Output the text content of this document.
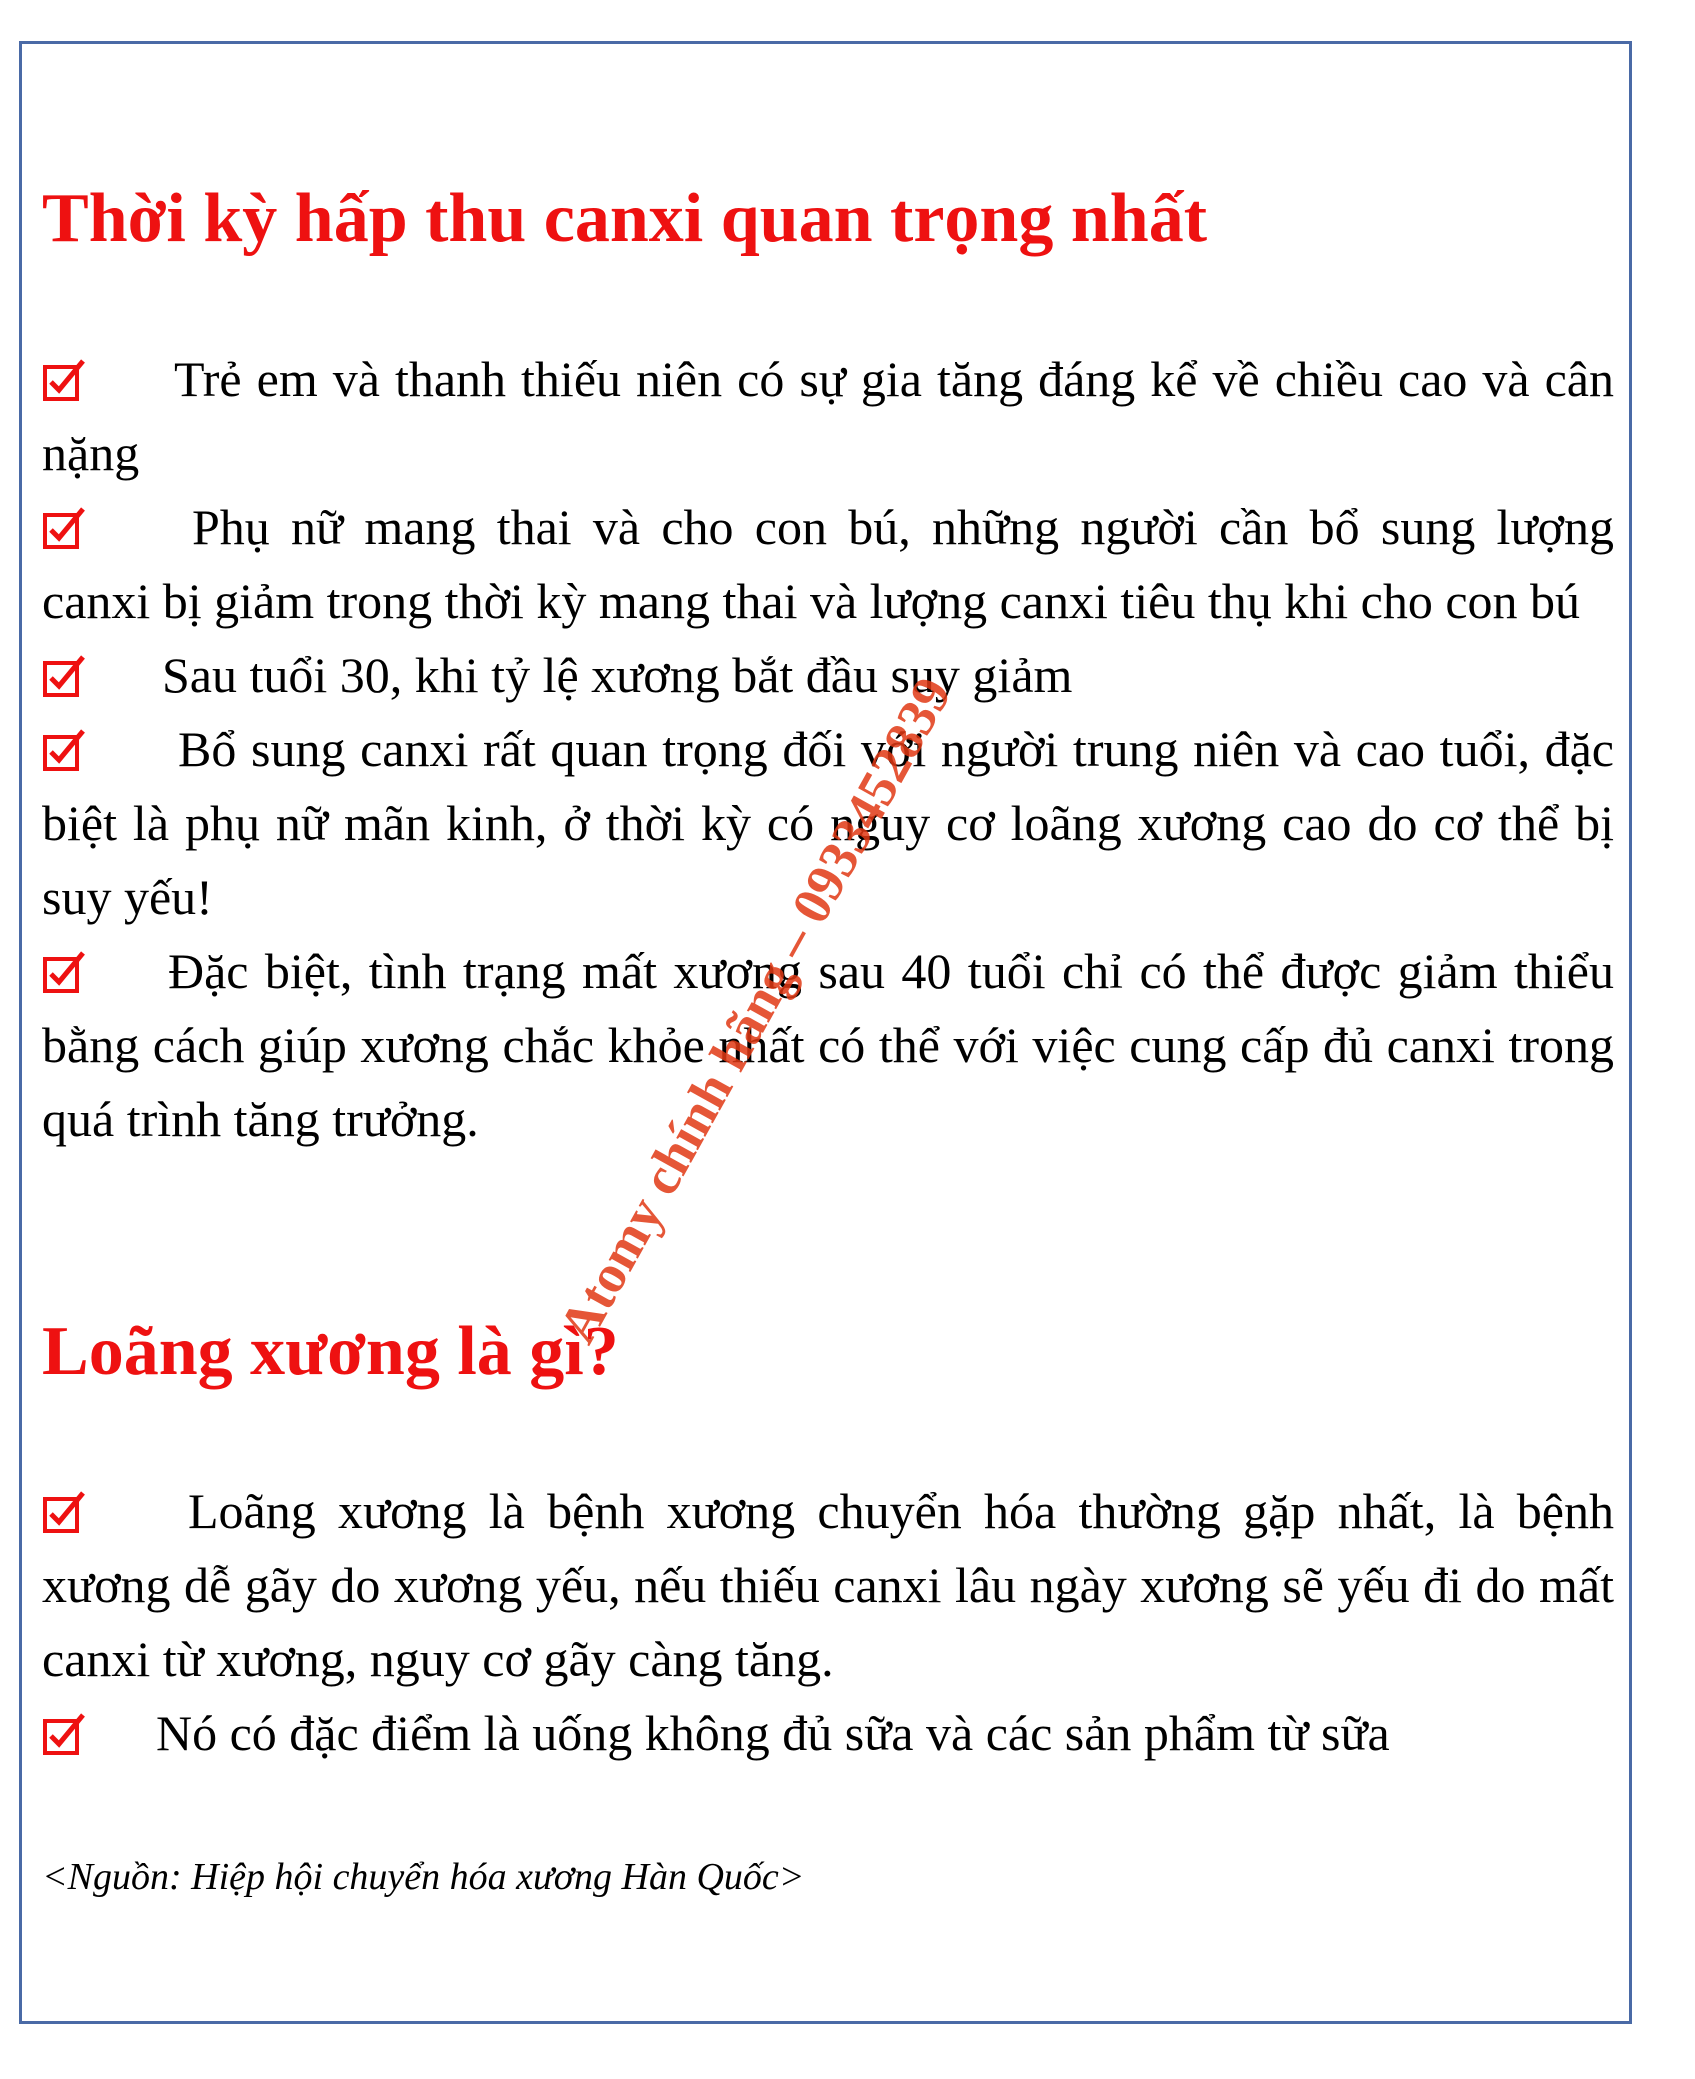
Thời kỳ hấp thu canxi quan trọng nhất

Trẻ em và thanh thiếu niên có sự gia tăng đáng kể về chiều cao và cân nặng

Phụ nữ mang thai và cho con bú, những người cần bổ sung lượng canxi bị giảm trong thời kỳ mang thai và lượng canxi tiêu thụ khi cho con bú

Sau tuổi 30, khi tỷ lệ xương bắt đầu suy giảm

Bổ sung canxi rất quan trọng đối với người trung niên và cao tuổi, đặc biệt là phụ nữ mãn kinh, ở thời kỳ có nguy cơ loãng xương cao do cơ thể bị suy yếu!

Đặc biệt, tình trạng mất xương sau 40 tuổi chỉ có thể được giảm thiểu bằng cách giúp xương chắc khỏe nhất có thể với việc cung cấp đủ canxi trong quá trình tăng trưởng.

Loãng xương là gì?

Loãng xương là bệnh xương chuyển hóa thường gặp nhất, là bệnh xương dễ gãy do xương yếu, nếu thiếu canxi lâu ngày xương sẽ yếu đi do mất canxi từ xương, nguy cơ gãy càng tăng.

Nó có đặc điểm là uống không đủ sữa và các sản phẩm từ sữa

<Nguồn: Hiệp hội chuyển hóa xương Hàn Quốc>
Atomy chính hãng – 0933452839
